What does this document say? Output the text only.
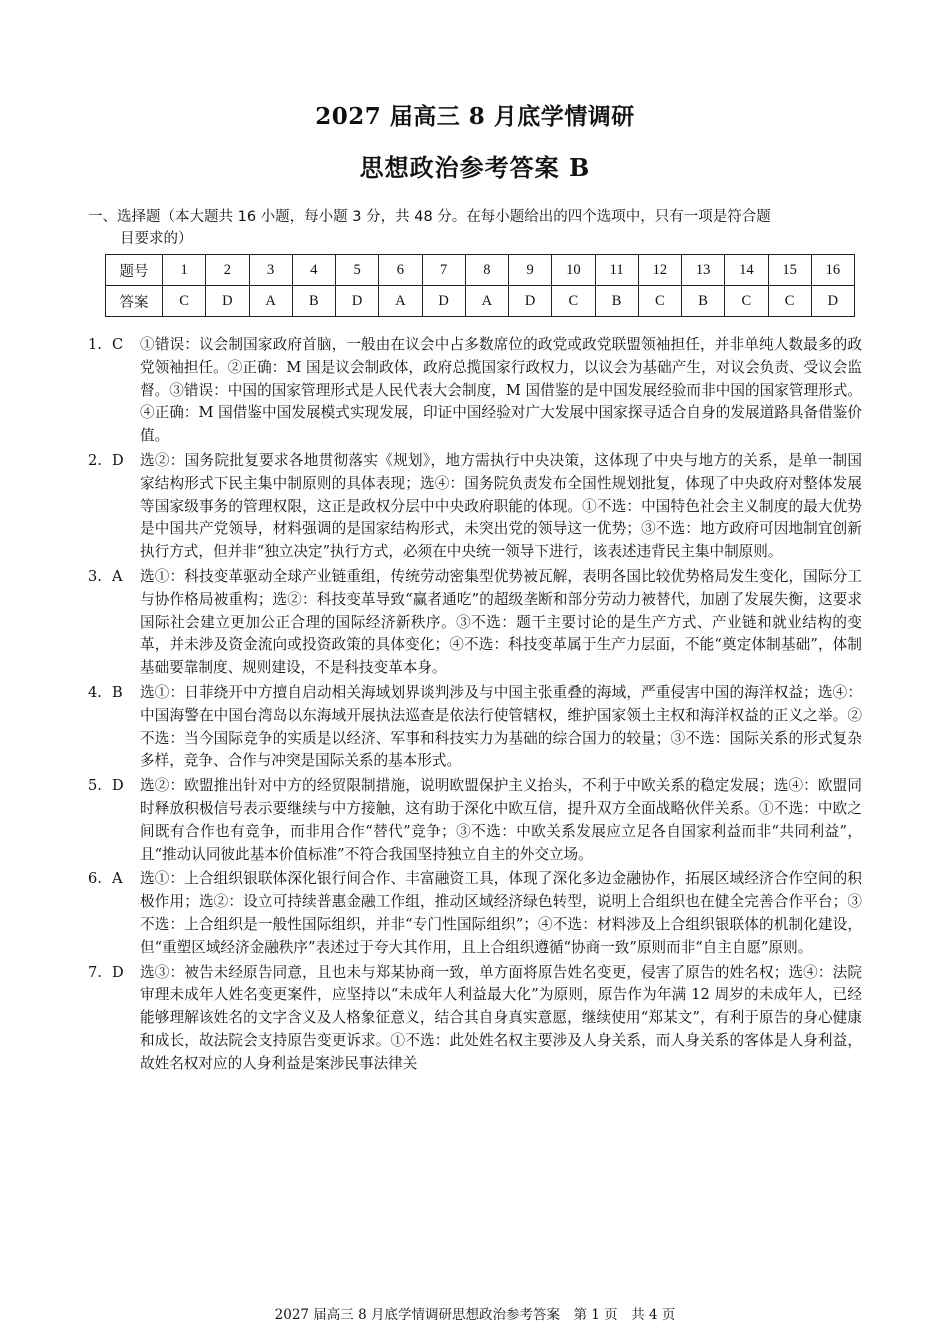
2027 届高三 8 月底学情调研
思想政治参考答案 B
一、选择题（本大题共 16 小题，每小题 3 分，共 48 分。在每小题给出的四个选项中，只有一项是符合题
目要求的）
题号	1	2	3	4	5	6	7	8	9	10	11	12	13	14	15	16
答案	C	D	A	B	D	A	D	A	D	C	B	C	B	C	C	D
1. C ①错误：议会制国家政府首脑，一般由在议会中占多数席位的政党或政党联盟领袖担任，并非单纯人数最多的政党领袖担任。②正确：M 国是议会制政体，政府总揽国家行政权力，以议会为基础产生，对议会负责、受议会监督。③错误：中国的国家管理形式是人民代表大会制度，M 国借鉴的是中国发展经验而非中国的国家管理形式。④正确：M 国借鉴中国发展模式实现发展，印证中国经验对广大发展中国家探寻适合自身的发展道路具备借鉴价值。
2. D 选②：国务院批复要求各地贯彻落实《规划》，地方需执行中央决策，这体现了中央与地方的关系，是单一制国家结构形式下民主集中制原则的具体表现；选④：国务院负责发布全国性规划批复，体现了中央政府对整体发展等国家级事务的管理权限，这正是政权分层中中央政府职能的体现。①不选：中国特色社会主义制度的最大优势是中国共产党领导，材料强调的是国家结构形式，未突出党的领导这一优势；③不选：地方政府可因地制宜创新执行方式，但并非“独立决定”执行方式，必须在中央统一领导下进行，该表述违背民主集中制原则。
3. A 选①：科技变革驱动全球产业链重组，传统劳动密集型优势被瓦解，表明各国比较优势格局发生变化，国际分工与协作格局被重构；选②：科技变革导致“赢者通吃”的超级垄断和部分劳动力被替代，加剧了发展失衡，这要求国际社会建立更加公正合理的国际经济新秩序。③不选：题干主要讨论的是生产方式、产业链和就业结构的变革，并未涉及资金流向或投资政策的具体变化；④不选：科技变革属于生产力层面，不能“奠定体制基础”，体制基础要靠制度、规则建设，不是科技变革本身。
4. B 选①：日菲绕开中方擅自启动相关海域划界谈判涉及与中国主张重叠的海域，严重侵害中国的海洋权益；选④：中国海警在中国台湾岛以东海域开展执法巡查是依法行使管辖权，维护国家领土主权和海洋权益的正义之举。②不选：当今国际竞争的实质是以经济、军事和科技实力为基础的综合国力的较量；③不选：国际关系的形式复杂多样，竞争、合作与冲突是国际关系的基本形式。
5. D 选②：欧盟推出针对中方的经贸限制措施，说明欧盟保护主义抬头，不利于中欧关系的稳定发展；选④：欧盟同时释放积极信号表示要继续与中方接触，这有助于深化中欧互信，提升双方全面战略伙伴关系。①不选：中欧之间既有合作也有竞争，而非用合作“替代”竞争；③不选：中欧关系发展应立足各自国家利益而非“共同利益”，且“推动认同彼此基本价值标准”不符合我国坚持独立自主的外交立场。
6. A 选①：上合组织银联体深化银行间合作、丰富融资工具，体现了深化多边金融协作，拓展区域经济合作空间的积极作用；选②：设立可持续普惠金融工作组，推动区域经济绿色转型，说明上合组织也在健全完善合作平台；③不选：上合组织是一般性国际组织，并非“专门性国际组织”；④不选：材料涉及上合组织银联体的机制化建设，但“重塑区域经济金融秩序”表述过于夸大其作用，且上合组织遵循“协商一致”原则而非“自主自愿”原则。
7. D 选③：被告未经原告同意，且也未与郑某协商一致，单方面将原告姓名变更，侵害了原告的姓名权；选④：法院审理未成年人姓名变更案件，应坚持以“未成年人利益最大化”为原则，原告作为年满 12 周岁的未成年人，已经能够理解该姓名的文字含义及人格象征意义，结合其自身真实意愿，继续使用“郑某文”，有利于原告的身心健康和成长，故法院会支持原告变更诉求。①不选：此处姓名权主要涉及人身关系，而人身关系的客体是人身利益，故姓名权对应的人身利益是案涉民事法律关
2027 届高三 8 月底学情调研思想政治参考答案　第 1 页　共 4 页
